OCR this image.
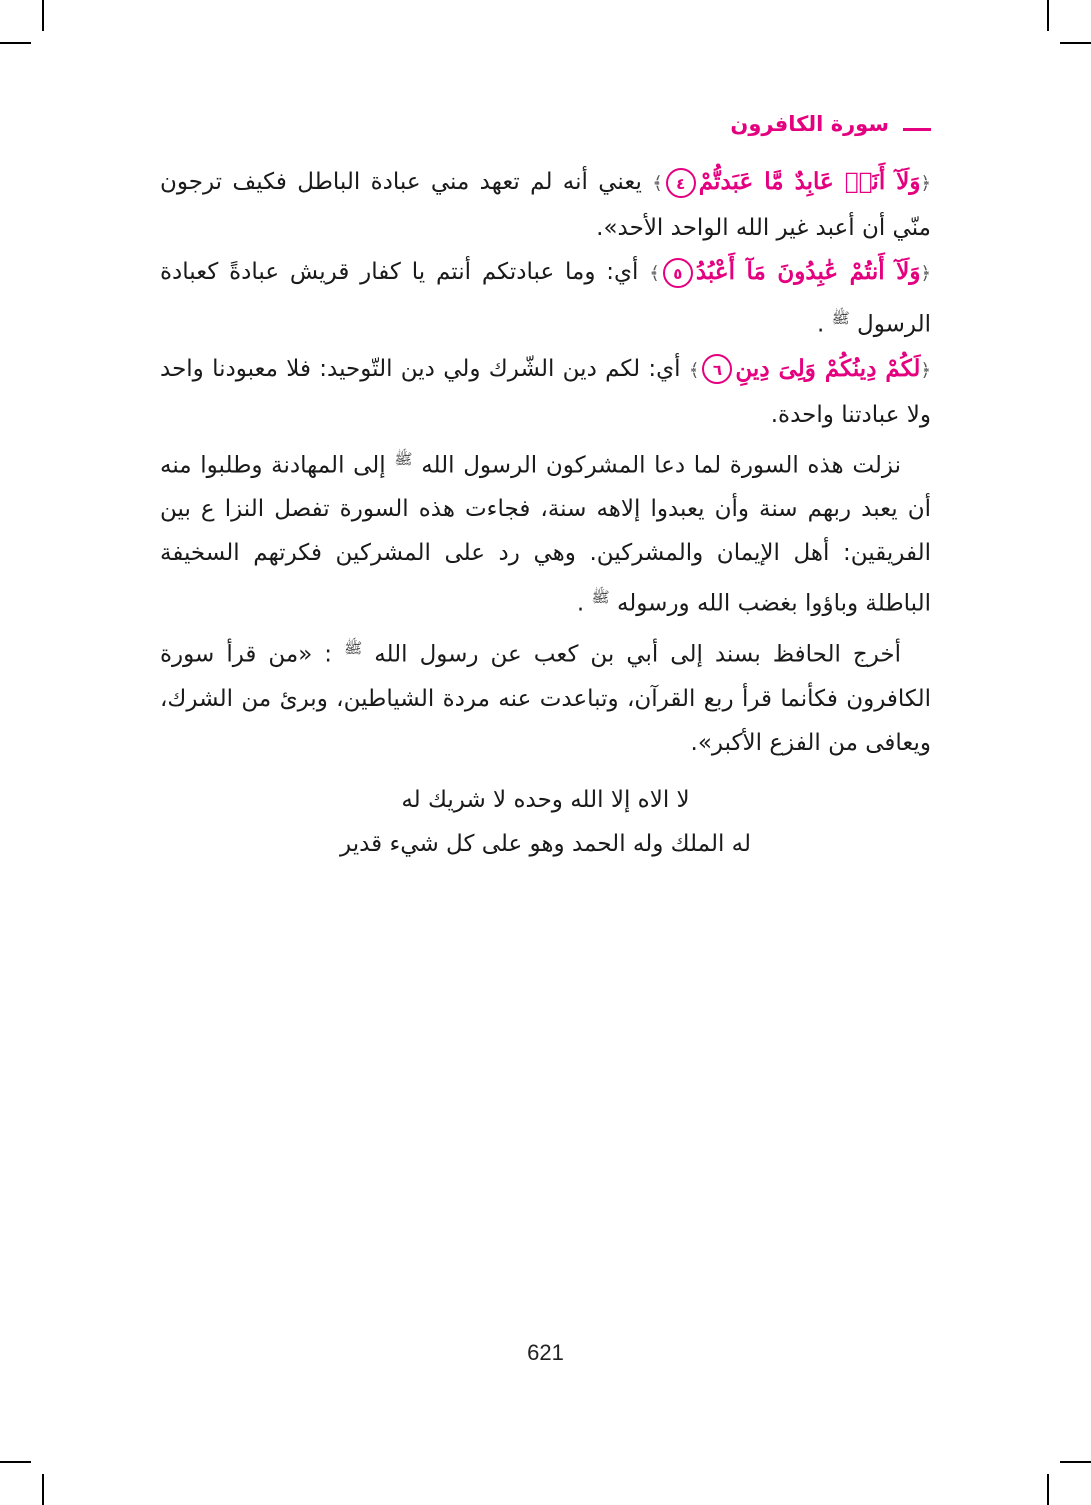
سورة الكافرون

﴿وَلَآ أَنَا۠ عَابِدٌ مَّا عَبَدتُّمْ٤﴾ يعني أنه لم تعهد مني عبادة الباطل فكيف ترجون منّي أن أعبد غير الله الواحد الأحد».

﴿وَلَآ أَنتُمْ عَٰبِدُونَ مَآ أَعْبُدُ٥﴾ أي: وما عبادتكم أنتم يا كفار قريش عبادةً كعبادة الرسول $^ﷺ$ .

﴿لَكُمْ دِينُكُمْ وَلِىَ دِينِ٦﴾ أي: لكم دين الشّرك ولي دين التّوحيد: فلا معبودنا واحد ولا عبادتنا واحدة.

نزلت هذه السورة لما دعا المشركون الرسول الله $^ﷺ$ إلى المهادنة وطلبوا منه أن يعبد ربهم سنة وأن يعبدوا إلاهه سنة، فجاءت هذه السورة تفصل النزا ع بين الفريقين: أهل الإيمان والمشركين. وهي رد على المشركين فكرتهم السخيفة الباطلة وباؤوا بغضب الله ورسوله $^ﷺ$ .

أخرج الحافظ بسند إلى أبي بن كعب عن رسول الله $^ﷺ$ : «من قرأ سورة الكافرون فكأنما قرأ ربع القرآن، وتباعدت عنه مردة الشياطين، وبرئ من الشرك، ويعافى من الفزع الأكبر».

لا الاه إلا الله وحده لا شريك له

له الملك وله الحمد وهو على كل شيء قدير

621
